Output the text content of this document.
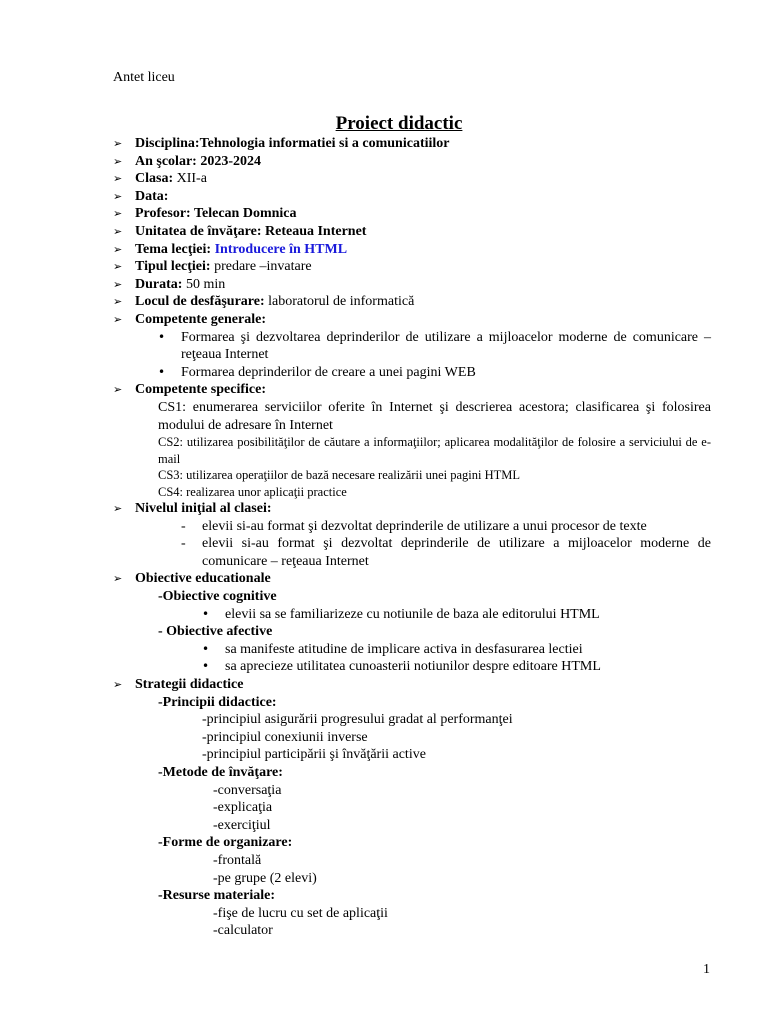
Antet liceu
Proiect didactic
➢ Disciplina:Tehnologia informatiei si a comunicatiilor
➢ An şcolar: 2023-2024
➢ Clasa: XII-a
➢ Data:
➢ Profesor: Telecan Domnica
➢ Unitatea de învăţare: Reteaua Internet
➢ Tema lecţiei: Introducere în HTML
➢ Tipul lecţiei: predare –invatare
➢ Durata: 50 min
➢ Locul de desfăşurare: laboratorul de informatică
➢ Competente generale:
• Formarea şi dezvoltarea deprinderilor de utilizare a mijloacelor moderne de comunicare – reţeaua Internet
• Formarea deprinderilor de creare a unei pagini WEB
➢ Competente specifice:
CS1: enumerarea serviciilor oferite în Internet şi descrierea acestora; clasificarea şi folosirea modului de adresare în Internet
CS2: utilizarea posibilităţilor de căutare a informaţiilor; aplicarea modalităţilor de folosire a serviciului de e-mail
CS3: utilizarea operaţiilor de bază necesare realizării unei pagini HTML
CS4: realizarea unor aplicaţii practice
➢ Nivelul iniţial al clasei:
- elevii si-au format şi dezvoltat deprinderile de utilizare a unui procesor de texte
- elevii si-au format şi dezvoltat deprinderile de utilizare a mijloacelor moderne de comunicare – reţeaua Internet
➢ Obiective educationale
-Obiective cognitive
• elevii sa se familiarizeze cu notiunile de baza ale editorului HTML
- Obiective afective
• sa manifeste atitudine de implicare activa in desfasurarea lectiei
• sa aprecieze utilitatea cunoasterii notiunilor despre editoare HTML
➢ Strategii didactice
-Principii didactice:
-principiul asigurării progresului gradat al performanţei
-principiul conexiunii inverse
-principiul participării şi învăţării active
-Metode de învăţare:
-conversaţia
-explicaţia
-exerciţiul
-Forme de organizare:
-frontală
-pe grupe (2 elevi)
-Resurse materiale:
-fişe de lucru cu set de aplicaţii
-calculator
1
